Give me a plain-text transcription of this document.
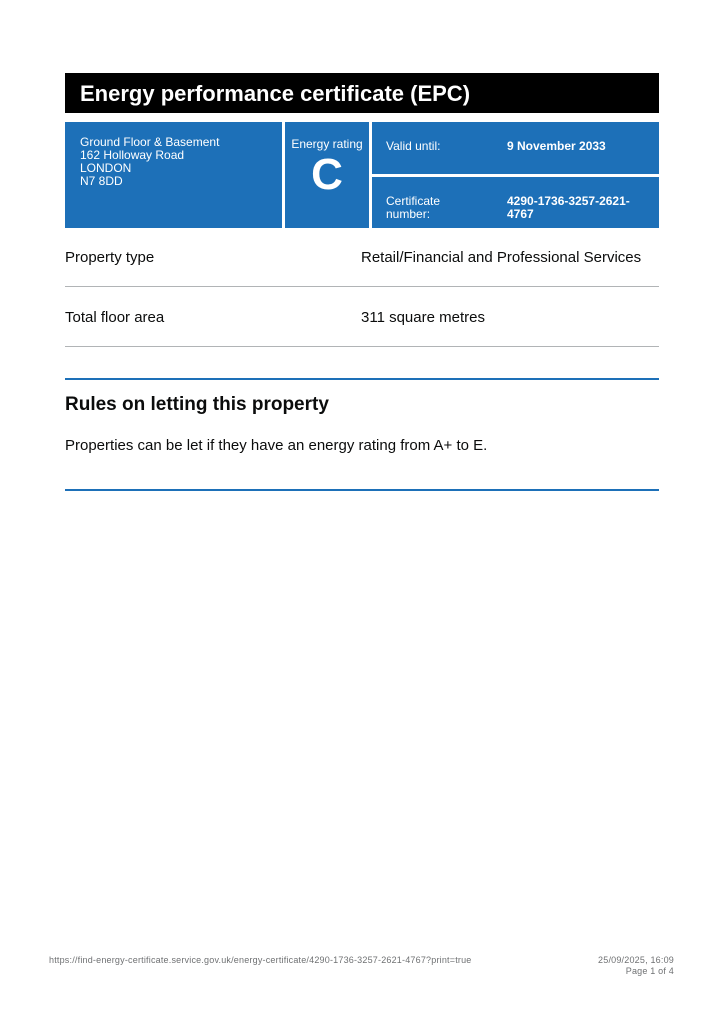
Energy performance certificate (EPC)
Ground Floor & Basement
162 Holloway Road
LONDON
N7 8DD
Energy rating
C
Valid until:	9 November 2033
Certificate number:
4290-1736-3257-2621-4767
Property type	Retail/Financial and Professional Services
Total floor area	311 square metres
Rules on letting this property
Properties can be let if they have an energy rating from A+ to E.
https://find-energy-certificate.service.gov.uk/energy-certificate/4290-1736-3257-2621-4767?print=true	25/09/2025, 16:09
Page 1 of 4
